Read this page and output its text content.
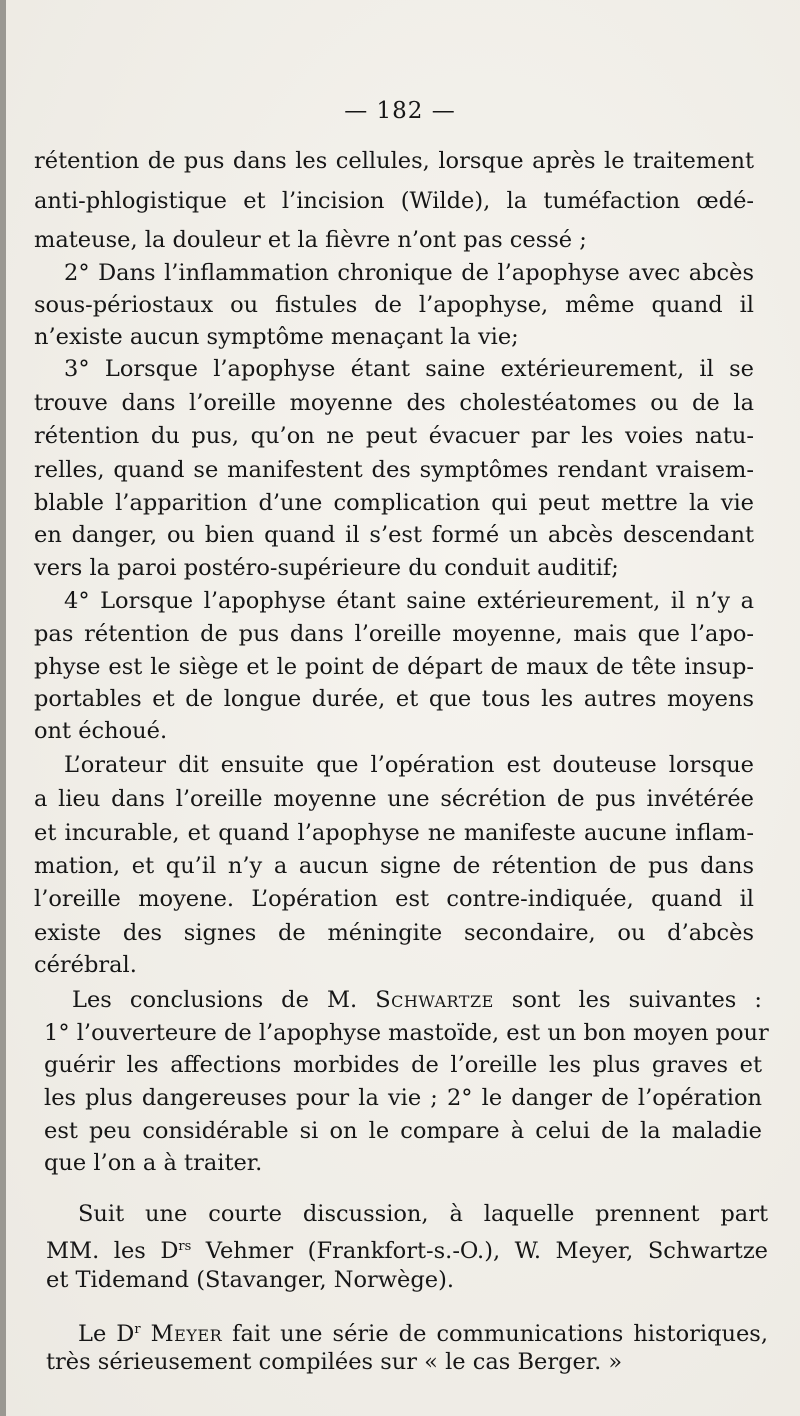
— 182 —
rétention de pus dans les cellules, lorsque après le traitement
anti-phlogistique et l’incision (Wilde), la tuméfaction œdé-
mateuse, la douleur et la fièvre n’ont pas cessé ;
2° Dans l’inflammation chronique de l’apophyse avec abcès
sous-périostaux ou fistules de l’apophyse, même quand il
n’existe aucun symptôme menaçant la vie;
3° Lorsque l’apophyse étant saine extérieurement, il se
trouve dans l’oreille moyenne des cholestéatomes ou de la
rétention du pus, qu’on ne peut évacuer par les voies natu-
relles, quand se manifestent des symptômes rendant vraisem-
blable l’apparition d’une complication qui peut mettre la vie
en danger, ou bien quand il s’est formé un abcès descendant
vers la paroi postéro-supérieure du conduit auditif;
4° Lorsque l’apophyse étant saine extérieurement, il n’y a
pas rétention de pus dans l’oreille moyenne, mais que l’apo-
physe est le siège et le point de départ de maux de tête insup-
portables et de longue durée, et que tous les autres moyens
ont échoué.
L’orateur dit ensuite que l’opération est douteuse lorsque
a lieu dans l’oreille moyenne une sécrétion de pus invétérée
et incurable, et quand l’apophyse ne manifeste aucune inflam-
mation, et qu’il n’y a aucun signe de rétention de pus dans
l’oreille moyene. L’opération est contre-indiquée, quand il
existe des signes de méningite secondaire, ou d’abcès
cérébral.
Les conclusions de M. Schwartze sont les suivantes :
1° l’ouverteure de l’apophyse mastoïde, est un bon moyen pour
guérir les affections morbides de l’oreille les plus graves et
les plus dangereuses pour la vie ; 2° le danger de l’opération
est peu considérable si on le compare à celui de la maladie
que l’on a à traiter.
Suit une courte discussion, à laquelle prennent part
MM. les $D^{rs}$ Vehmer (Frankfort-s.-O.), W. Meyer, Schwartze
et Tidemand (Stavanger, Norwège).
Le $D^r$ Meyer fait une série de communications historiques,
très sérieusement compilées sur « le cas Berger. »
